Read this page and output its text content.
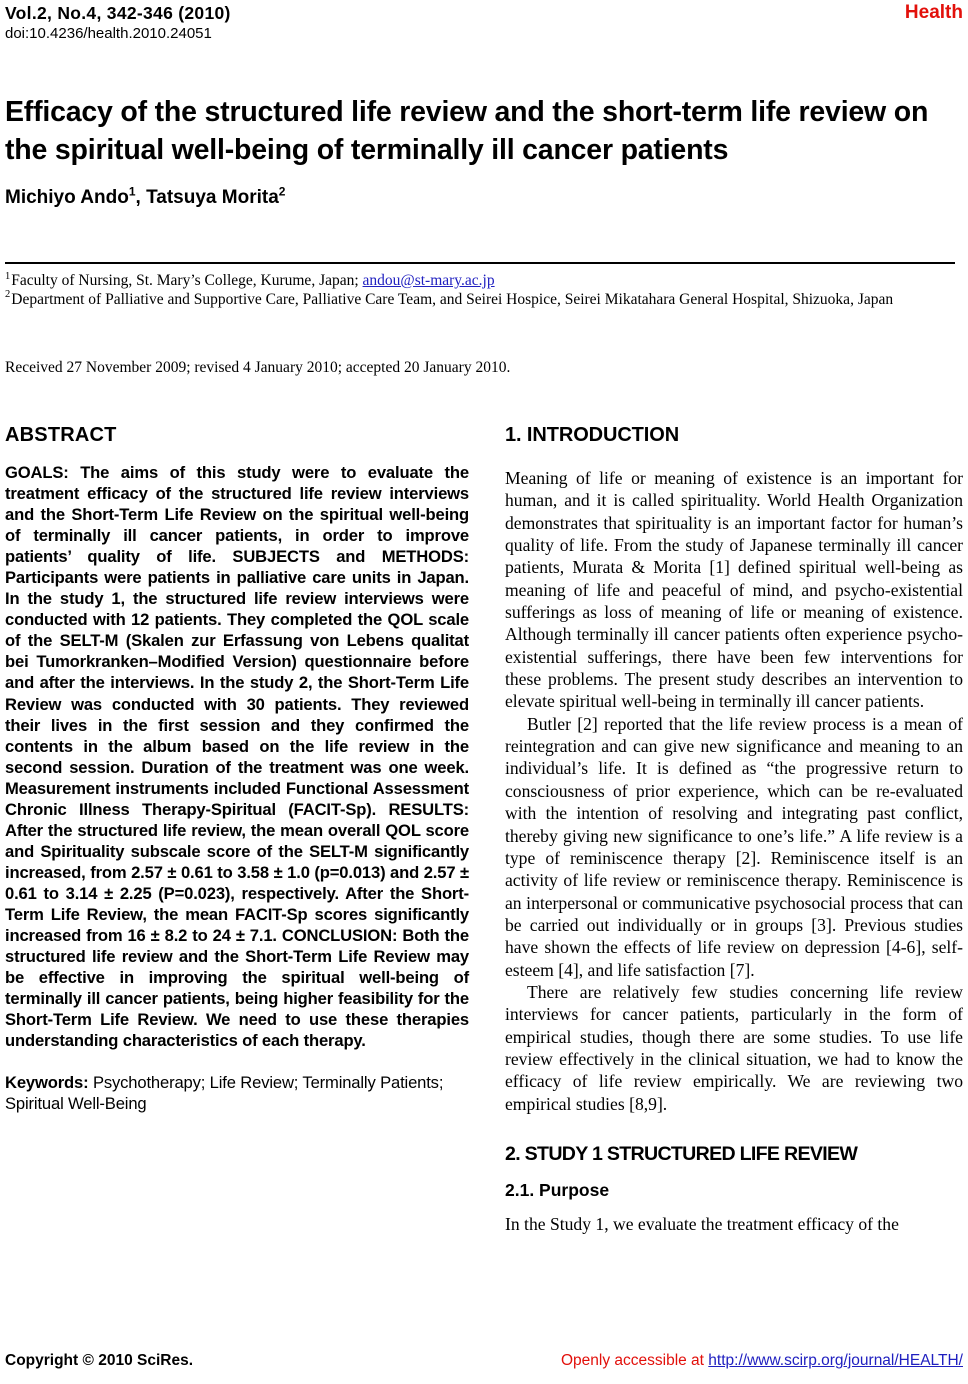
Vol.2, No.4, 342-346 (2010)
doi:10.4236/health.2010.24051
Health
Efficacy of the structured life review and the short-term life review on the spiritual well-being of terminally ill cancer patients
Michiyo Ando$^1$, Tatsuya Morita$^2$

$^1$Faculty of Nursing, St. Mary’s College, Kurume, Japan; andou@st-mary.ac.jp

$^2$Department of Palliative and Supportive Care, Palliative Care Team, and Seirei Hospice, Seirei Mikatahara General Hospital, Shizuoka, Japan

Received 27 November 2009; revised 4 January 2010; accepted 20 January 2010.
ABSTRACT

GOALS: The aims of this study were to evaluate the treatment efficacy of the structured life review interviews and the Short-Term Life Review on the spiritual well-being of terminally ill cancer patients, in order to improve patients’ quality of life. SUBJECTS and METHODS: Participants were patients in palliative care units in Japan. In the study 1, the structured life review interviews were conducted with 12 patients. They completed the QOL scale of the SELT-M (Skalen zur Erfassung von Lebens qualitat bei Tumorkranken–Modified Version) questionnaire before and after the interviews. In the study 2, the Short-Term Life Review was conducted with 30 patients. They reviewed their lives in the first session and they confirmed the contents in the album based on the life review in the second session. Duration of the treatment was one week. Measurement instruments included Functional Assessment Chronic Illness Therapy-Spiritual (FACIT-Sp). RESULTS: After the structured life review, the mean overall QOL score and Spirituality subscale score of the SELT-M significantly increased, from 2.57 ± 0.61 to 3.58 ± 1.0 (p=0.013) and 2.57 ± 0.61 to 3.14 ± 2.25 (P=0.023), respectively. After the Short-Term Life Review, the mean FACIT-Sp scores significantly increased from 16 ± 8.2 to 24 ± 7.1. CONCLUSION: Both the structured life review and the Short-Term Life Review may be effective in improving the spiritual well-being of terminally ill cancer patients, being higher feasibility for the Short-Term Life Review. We need to use these therapies understanding characteristics of each therapy.

Keywords: Psychotherapy; Life Review; Terminally Patients; Spiritual Well-Being

1. INTRODUCTION

Meaning of life or meaning of existence is an important for human, and it is called spirituality. World Health Organization demonstrates that spirituality is an important factor for human’s quality of life. From the study of Japanese terminally ill cancer patients, Murata & Morita [1] defined spiritual well-being as meaning of life and peaceful of mind, and psycho-existential sufferings as loss of meaning of life or meaning of existence. Although terminally ill cancer patients often experience psycho-existential sufferings, there have been few interventions for these problems. The present study describes an intervention to elevate spiritual well-being in terminally ill cancer patients.

Butler [2] reported that the life review process is a mean of reintegration and can give new significance and meaning to an individual’s life. It is defined as “the progressive return to consciousness of prior experience, which can be re-evaluated with the intention of resolving and integrating past conflict, thereby giving new significance to one’s life.” A life review is a type of reminiscence therapy [2]. Reminiscence itself is an activity of life review or reminiscence therapy. Reminiscence is an interpersonal or communicative psychosocial process that can be carried out individually or in groups [3]. Previous studies have shown the effects of life review on depression [4-6], self-esteem [4], and life satisfaction [7].

There are relatively few studies concerning life review interviews for cancer patients, particularly in the form of empirical studies, though there are some studies. To use life review effectively in the clinical situation, we had to know the efficacy of life review empirically. We are reviewing two empirical studies [8,9].

2. STUDY 1 STRUCTURED LIFE REVIEW
2.1. Purpose

In the Study 1, we evaluate the treatment efficacy of the

Copyright © 2010 SciRes.	Openly accessible at http://www.scirp.org/journal/HEALTH/
